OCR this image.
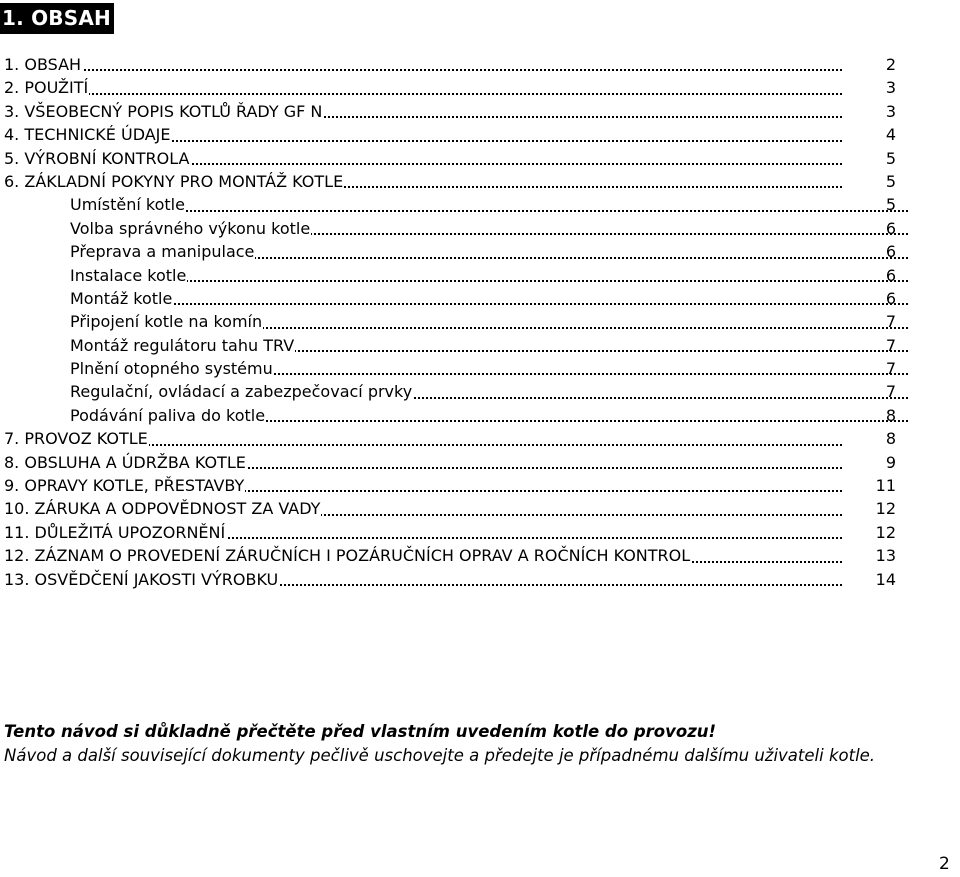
1. OBSAH
1. OBSAH	2
2. POUŽITÍ	3
3. VŠEOBECNÝ POPIS KOTLŮ ŘADY GF N	3
4. TECHNICKÉ ÚDAJE	4
5. VÝROBNÍ KONTROLA	5
6. ZÁKLADNÍ POKYNY PRO MONTÁŽ KOTLE	5
Umístění kotle	5
Volba správného výkonu kotle	6
Přeprava a manipulace	6
Instalace kotle	6
Montáž kotle	6
Připojení kotle na komín	7
Montáž regulátoru tahu TRV	7
Plnění otopného systému	7
Regulační, ovládací a zabezpečovací prvky	7
Podávání paliva do kotle	8
7. PROVOZ KOTLE	8
8. OBSLUHA A ÚDRŽBA KOTLE	9
9. OPRAVY KOTLE, PŘESTAVBY	11
10. ZÁRUKA A ODPOVĚDNOST ZA VADY	12
11. DŮLEŽITÁ UPOZORNĚNÍ	12
12. ZÁZNAM O PROVEDENÍ ZÁRUČNÍCH I POZÁRUČNÍCH OPRAV A ROČNÍCH KONTROL	13
13. OSVĚDČENÍ JAKOSTI VÝROBKU	14
Tento návod si důkladně přečtěte před vlastním uvedením kotle do provozu!
Návod a další související dokumenty pečlivě uschovejte a předejte je případnému dalšímu uživateli kotle.
2
